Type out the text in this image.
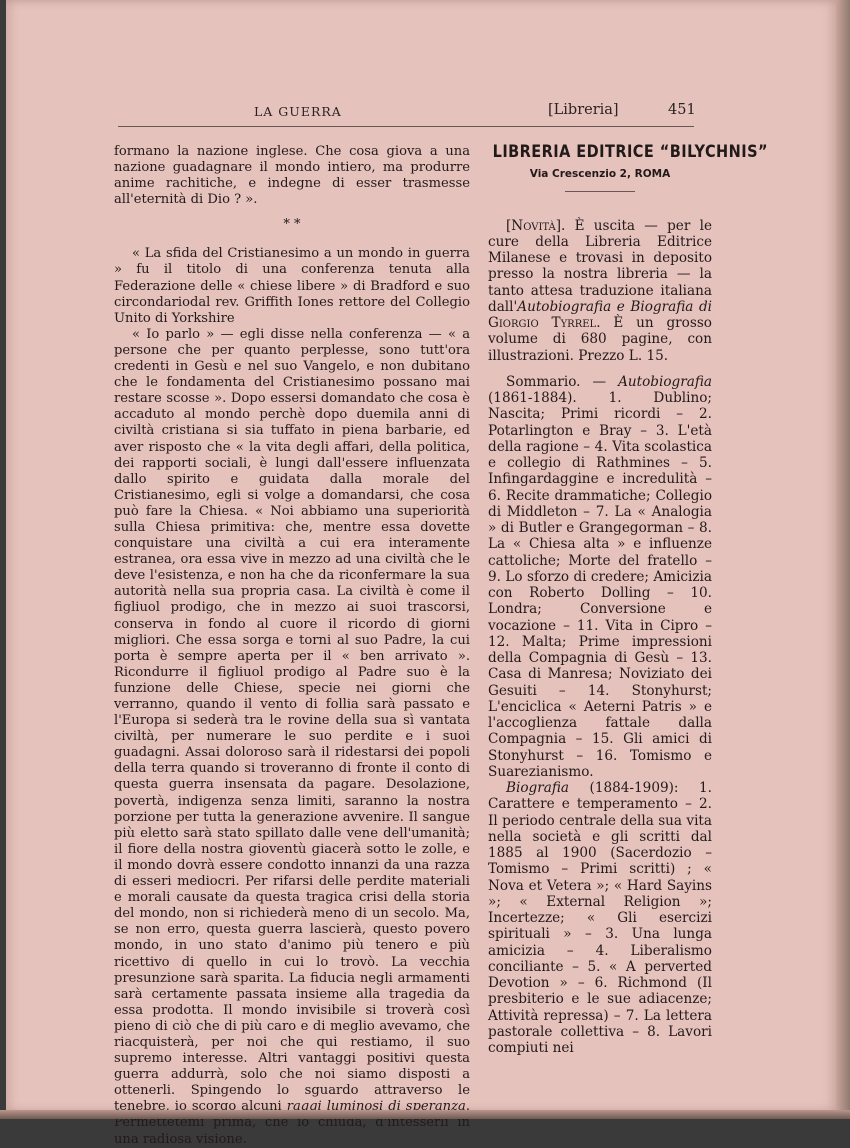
LA GUERRA	[Libreria]	451

formano la nazione inglese. Che cosa giova a una nazione guadagnare il mondo intiero, ma produrre anime rachitiche, e indegne di esser trasmesse all'eternità di Dio ? ».

* *

« La sfida del Cristianesimo a un mondo in guerra » fu il titolo di una conferenza tenuta alla Federazione delle « chiese libere » di Bradford e suo circondariodal rev. Griffith Iones rettore del Collegio Unito di Yorkshire

« Io parlo » — egli disse nella conferenza — « a persone che per quanto perplesse, sono tutt'ora credenti in Gesù e nel suo Vangelo, e non dubitano che le fondamenta del Cristianesimo possano mai restare scosse ». Dopo essersi domandato che cosa è accaduto al mondo perchè dopo duemila anni di civiltà cristiana si sia tuffato in piena barbarie, ed aver risposto che « la vita degli affari, della politica, dei rapporti sociali, è lungi dall'essere influenzata dallo spirito e guidata dalla morale del Cristianesimo, egli si volge a domandarsi, che cosa può fare la Chiesa. « Noi abbiamo una superiorità sulla Chiesa primitiva: che, mentre essa dovette conquistare una civiltà a cui era interamente estranea, ora essa vive in mezzo ad una civiltà che le deve l'esistenza, e non ha che da riconfermare la sua autorità nella sua propria casa. La civiltà è come il figliuol prodigo, che in mezzo ai suoi trascorsi, conserva in fondo al cuore il ricordo di giorni migliori. Che essa sorga e torni al suo Padre, la cui porta è sempre aperta per il « ben arrivato ». Ricondurre il figliuol prodigo al Padre suo è la funzione delle Chiese, specie nei giorni che verranno, quando il vento di follia sarà passato e l'Europa si sederà tra le rovine della sua sì vantata civiltà, per numerare le suo perdite e i suoi guadagni. Assai doloroso sarà il ridestarsi dei popoli della terra quando si troveranno di fronte il conto di questa guerra insensata da pagare. Desolazione, povertà, indigenza senza limiti, saranno la nostra porzione per tutta la generazione avvenire. Il sangue più eletto sarà stato spillato dalle vene dell'umanità; il fiore della nostra gioventù giacerà sotto le zolle, e il mondo dovrà essere condotto innanzi da una razza di esseri mediocri. Per rifarsi delle perdite materiali e morali causate da questa tragica crisi della storia del mondo, non si richiederà meno di un secolo. Ma, se non erro, questa guerra lascierà, questo povero mondo, in uno stato d'animo più tenero e più ricettivo di quello in cui lo trovò. La vecchia presunzione sarà sparita. La fiducia negli armamenti sarà certamente passata insieme alla tragedia da essa prodotta. Il mondo invisibile si troverà così pieno di ciò che di più caro e di meglio avevamo, che riacquisterà, per noi che qui restiamo, il suo supremo interesse. Altri vantaggi positivi questa guerra addurrà, solo che noi siamo disposti a ottenerli. Spingendo lo sguardo attraverso le tenebre, io scorgo alcuni raggi luminosi di speranza. Permettetemi prima, che io chiuda, d'intesserli in

LIBRERIA EDITRICE “BILYCHNIS”
Via Crescenzio 2, ROMA

[Novità]. È uscita — per le cure della Libreria Editrice Milanese e trovasi in deposito presso la nostra libreria — la tanto attesa traduzione italiana dall'Autobiografia e Biografia di Giorgio Tyrrel. È un grosso volume di 680 pagine, con illustrazioni. Prezzo L. 15.

Sommario. — Autobiografia (1861-1884). 1. Dublino; Nascita; Primi ricordi – 2. Potarlington e Bray – 3. L'età della ragione – 4. Vita scolastica e collegio di Rathmines – 5. Infingardaggine e incredulità – 6. Recite drammatiche; Collegio di Middleton – 7. La « Analogia » di Butler e Grangegorman – 8. La « Chiesa alta » e influenze cattoliche; Morte del fratello – 9. Lo sforzo di credere; Amicizia con Roberto Dolling – 10. Londra; Conversione e vocazione – 11. Vita in Cipro – 12. Malta; Prime impressioni della Compagnia di Gesù – 13. Casa di Manresa; Noviziato dei Gesuiti – 14. Stonyhurst; L'enciclica « Aeterni Patris » e l'accoglienza fattale dalla Compagnia – 15. Gli amici di Stonyhurst – 16. Tomismo e Suarezianismo.

Biografia (1884-1909): 1. Carattere e temperamento – 2. Il periodo centrale della sua vita nella società e gli scritti dal 1885 al 1900 (Sacerdozio – Tomismo – Primi scritti) ; « Nova et Vetera »; « Hard Sayins »; « External Religion »; Incertezze; « Gli esercizi spirituali » – 3. Una lunga amicizia – 4. Liberalismo conciliante – 5. « A perverted Devotion » – 6. Richmond (Il presbiterio e le sue adiacenze; Attività repressa) – 7. La lettera pastorale collettiva – 8. Lavori compiuti nei
